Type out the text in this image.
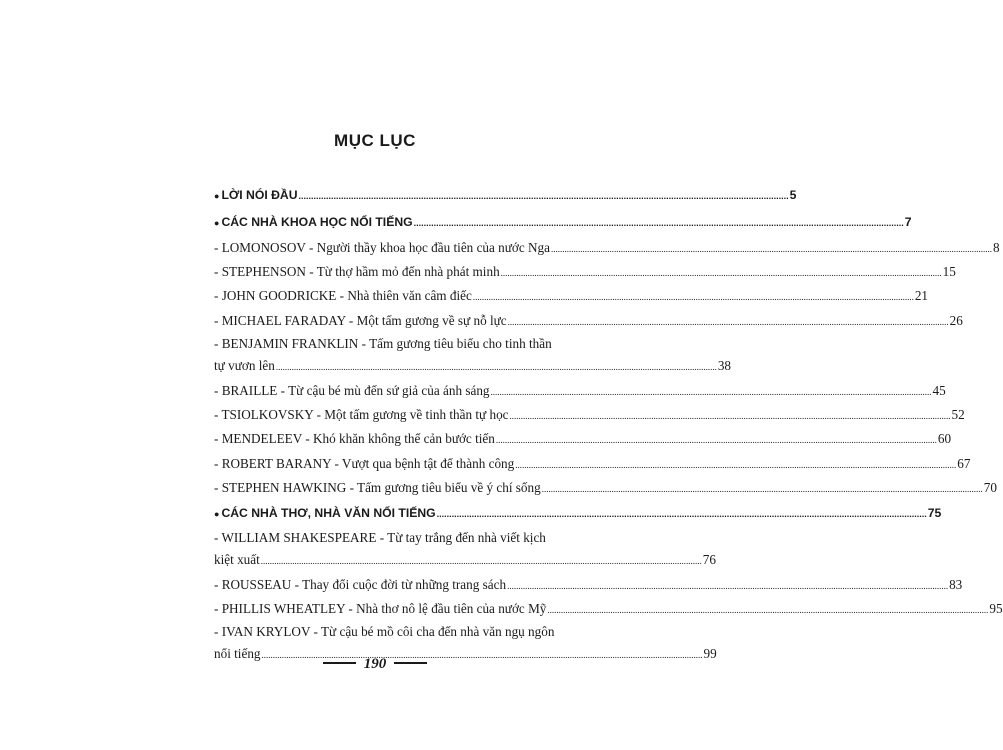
MỤC LỤC
● LỜI NÓI ĐẦU .....	5
● CÁC NHÀ KHOA HỌC NỔI TIẾNG .....	7
- LOMONOSOV - Người thầy khoa học đầu tiên của nước Nga .....	8
- STEPHENSON - Từ thợ hầm mỏ đến nhà phát minh .....	15
- JOHN GOODRICKE - Nhà thiên văn câm điếc .....	21
- MICHAEL FARADAY - Một tấm gương về sự nỗ lực .....	26
- BENJAMIN FRANKLIN - Tấm gương tiêu biểu cho tinh thần
tự vươn lên .....	38
- BRAILLE - Từ cậu bé mù đến sứ giả của ánh sáng .....	45
- TSIOLKOVSKY - Một tấm gương về tinh thần tự học .....	52
- MENDELEEV - Khó khăn không thể cản bước tiến .....	60
- ROBERT BARANY - Vượt qua bệnh tật để thành công .....	67
- STEPHEN HAWKING - Tấm gương tiêu biểu về ý chí sống .....	70
● CÁC NHÀ THƠ, NHÀ VĂN NỔI TIẾNG .....	75
- WILLIAM SHAKESPEARE - Từ tay trắng đến nhà viết kịch
kiệt xuất .....	76
- ROUSSEAU - Thay đổi cuộc đời từ những trang sách .....	83
- PHILLIS WHEATLEY - Nhà thơ nô lệ đầu tiên của nước Mỹ .....	95
- IVAN KRYLOV - Từ cậu bé mồ côi cha đến nhà văn ngụ ngôn
nổi tiếng .....	99
190
